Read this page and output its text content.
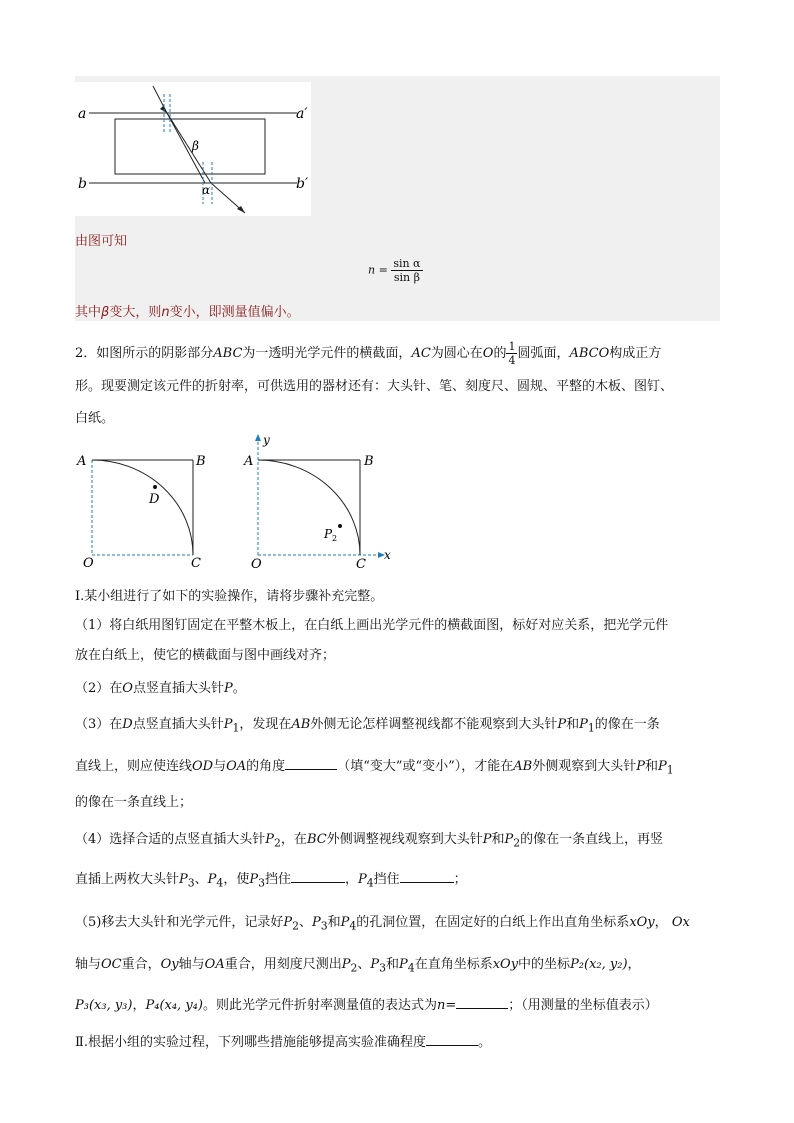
a	a′
b	b′
β
α
由图可知
$n = \frac{\text{sin α}}{\text{sin β}}$
其中β变大，则n变小，即测量值偏小。
2．如图所示的阴影部分ABC为一透明光学元件的横截面，AC为圆心在O的 $\frac{1}{4}$ 圆弧面，ABCO构成正方
形。现要测定该元件的折射率，可供选用的器材还有：大头针、笔、刻度尺、圆规、平整的木板、图钉、
白纸。
A	B
O	C
D
y
x
A	B
O	C
P 2
I.某小组进行了如下的实验操作，请将步骤补充完整。
（1）将白纸用图钉固定在平整木板上，在白纸上画出光学元件的横截面图，标好对应关系，把光学元件
放在白纸上，使它的横截面与图中画线对齐；
（2）在O点竖直插大头针P。
（3）在D点竖直插大头针$P_1$，发现在AB外侧无论怎样调整视线都不能观察到大头针P和$P_1$的像在一条
直线上，则应使连线OD与OA的角度	（填“变大”或“变小”），才能在AB外侧观察到大头针P和$P_1$
的像在一条直线上；
（4）选择合适的点竖直插大头针$P_2$，在BC外侧调整视线观察到大头针P和$P_2$的像在一条直线上，再竖
直插上两枚大头针$P_3$、$P_4$，使$P_3$挡住	，$P_4$挡住	；
（5)移去大头针和光学元件，记录好$P_2$、$P_3$和$P_4$的孔洞位置，在固定好的白纸上作出直角坐标系xOy， Ox
轴与OC重合，Oy轴与OA重合，用刻度尺测出$P_2$、$P_3$和$P_4$在直角坐标系xOy中的坐标P₂(x₂, y₂)，
P₃(x₃, y₃)，P₄(x₄, y₄)。则此光学元件折射率测量值的表达式为n=	；（用测量的坐标值表示）
Ⅱ.根据小组的实验过程，下列哪些措施能够提高实验准确程度	。
